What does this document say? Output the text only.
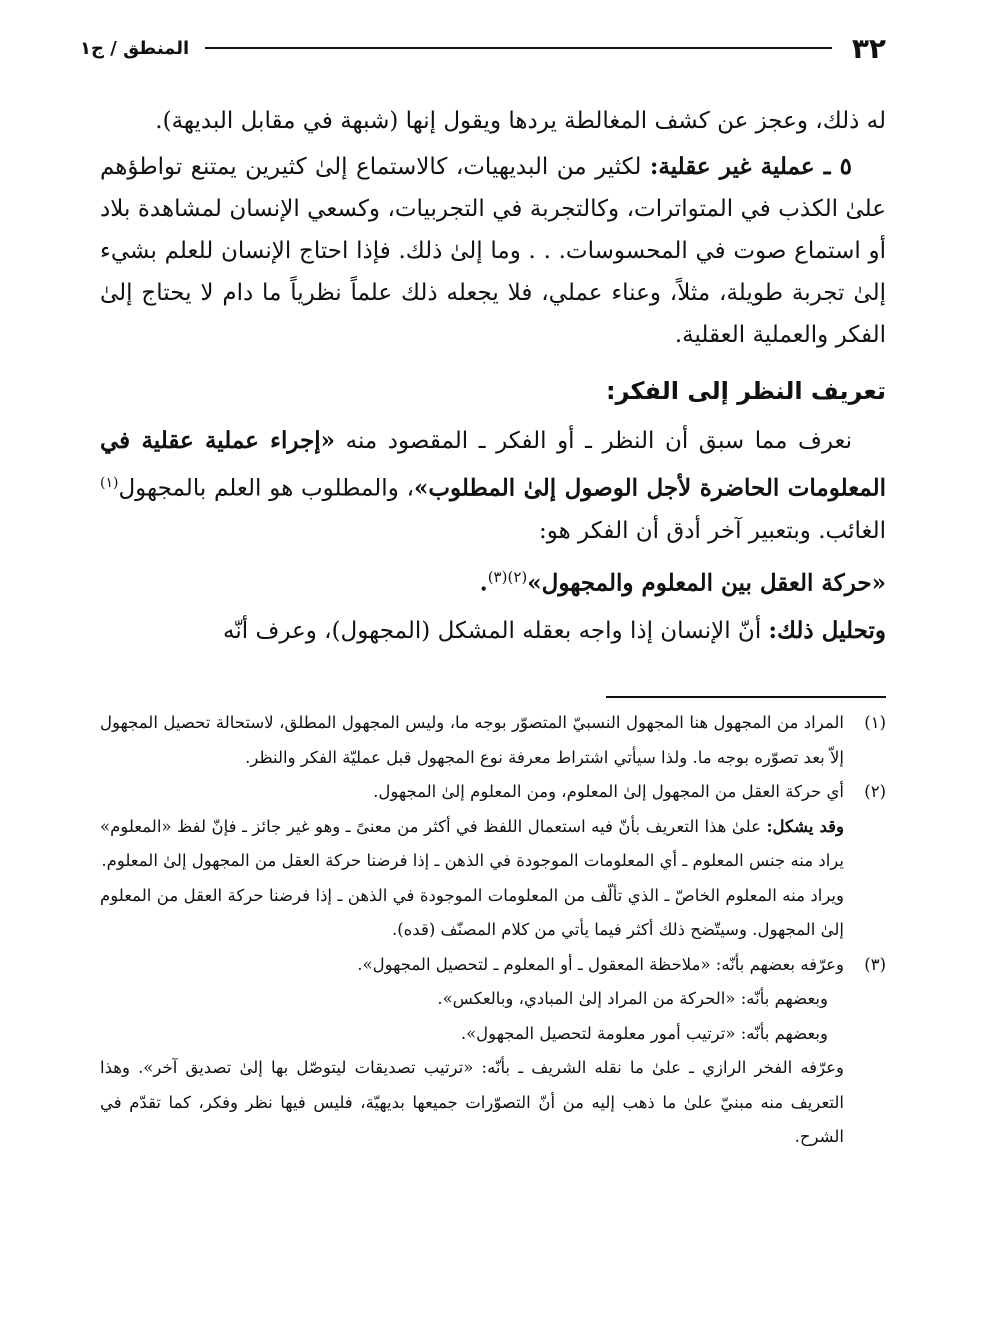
٣٢
المنطق / ج١

له ذلك، وعجز عن كشف المغالطة يردها ويقول إنها (شبهة في مقابل البديهة).

٥ ـ عملية غير عقلية: لكثير من البديهيات، كالاستماع إلىٰ كثيرين يمتنع تواطؤهم علىٰ الكذب في المتواترات، وكالتجربة في التجربيات، وكسعي الإنسان لمشاهدة بلاد أو استماع صوت في المحسوسات. . . وما إلىٰ ذلك. فإذا احتاج الإنسان للعلم بشيء إلىٰ تجربة طويلة، مثلاً، وعناء عملي، فلا يجعله ذلك علماً نظرياً ما دام لا يحتاج إلىٰ الفكر والعملية العقلية.

تعريف النظر إلى الفكر:

نعرف مما سبق أن النظر ـ أو الفكر ـ المقصود منه «إجراء عملية عقلية في المعلومات الحاضرة لأجل الوصول إلىٰ المطلوب»، والمطلوب هو العلم بالمجهول$^{(١)}$ الغائب. وبتعبير آخر أدق أن الفكر هو:

«حركة العقل بين المعلوم والمجهول»$^{(٢)(٣)}$.

وتحليل ذلك: أنّ الإنسان إذا واجه بعقله المشكل (المجهول)، وعرف أنّه

(١)
المراد من المجهول هنا المجهول النسبيّ المتصوّر بوجه ما، وليس المجهول المطلق، لاستحالة تحصيل المجهول إلاّ بعد تصوّره بوجه ما. ولذا سيأتي اشتراط معرفة نوع المجهول قبل عمليّة الفكر والنظر.

(٢)
أي حركة العقل من المجهول إلىٰ المعلوم، ومن المعلوم إلىٰ المجهول.

وقد يشكل: علىٰ هذا التعريف بأنّ فيه استعمال اللفظ في أكثر من معنىً ـ وهو غير جائز ـ فإنّ لفظ «المعلوم» يراد منه جنس المعلوم ـ أي المعلومات الموجودة في الذهن ـ إذا فرضنا حركة العقل من المجهول إلىٰ المعلوم.

ويراد منه المعلوم الخاصّ ـ الذي تألّف من المعلومات الموجودة في الذهن ـ إذا فرضنا حركة العقل من المعلوم إلىٰ المجهول. وسيتّضح ذلك أكثر فيما يأتي من كلام المصنّف (قده).

(٣)
وعرّفه بعضهم بأنّه: «ملاحظة المعقول ـ أو المعلوم ـ لتحصيل المجهول».

وبعضهم بأنّه: «الحركة من المراد إلىٰ المبادي، وبالعكس».

وبعضهم بأنّه: «ترتيب أمور معلومة لتحصيل المجهول».

وعرّفه الفخر الرازي ـ علىٰ ما نقله الشريف ـ بأنّه: «ترتيب تصديقات ليتوصّل بها إلىٰ تصديق آخر». وهذا التعريف منه مبنيّ علىٰ ما ذهب إليه من أنّ التصوّرات جميعها بديهيّة، فليس فيها نظر وفكر، كما تقدّم في الشرح.
